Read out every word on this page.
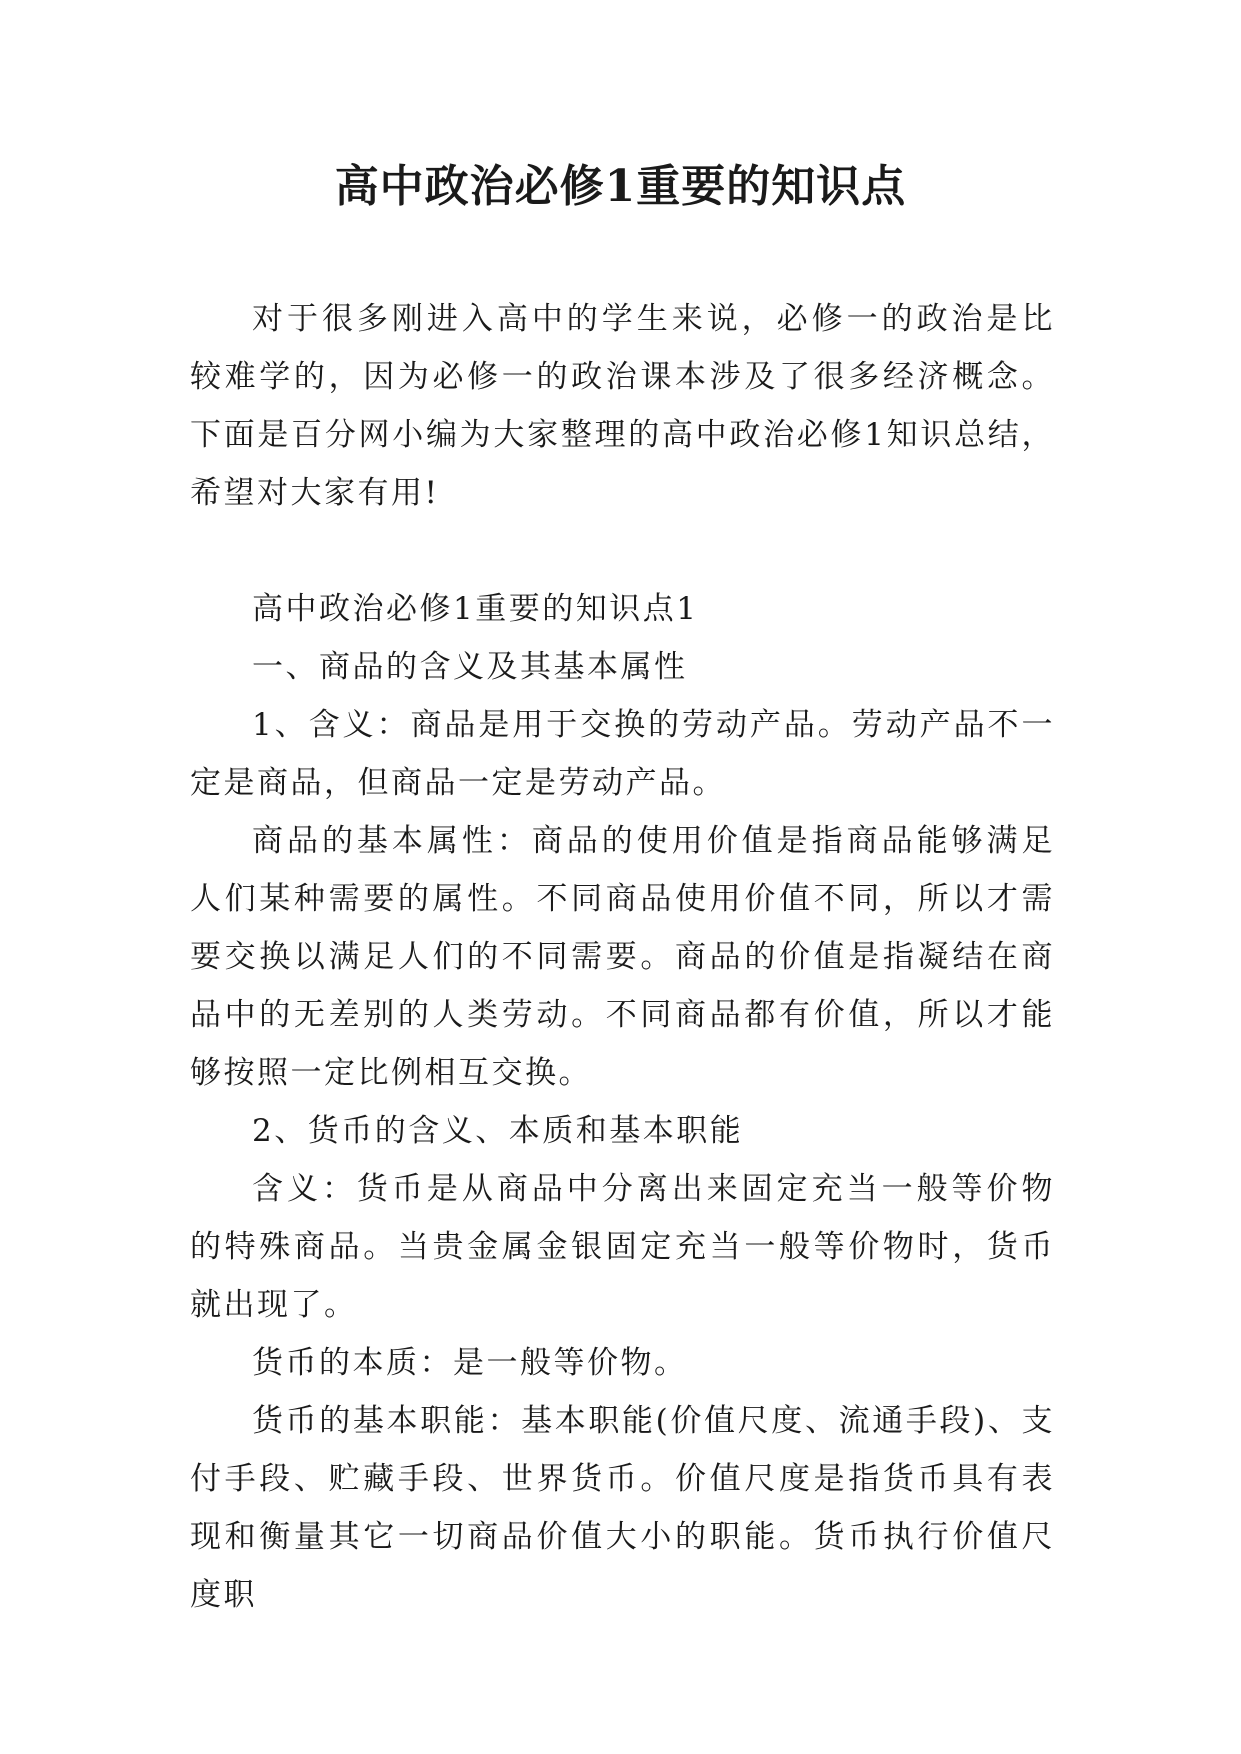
高中政治必修1重要的知识点

对于很多刚进入高中的学生来说，必修一的政治是比较难学的，因为必修一的政治课本涉及了很多经济概念。下面是百分网小编为大家整理的高中政治必修1知识总结，希望对大家有用!

高中政治必修1重要的知识点1

一、商品的含义及其基本属性

1、含义：商品是用于交换的劳动产品。劳动产品不一定是商品，但商品一定是劳动产品。

商品的基本属性：商品的使用价值是指商品能够满足人们某种需要的属性。不同商品使用价值不同，所以才需要交换以满足人们的不同需要。商品的价值是指凝结在商品中的无差别的人类劳动。不同商品都有价值，所以才能够按照一定比例相互交换。

2、货币的含义、本质和基本职能

含义：货币是从商品中分离出来固定充当一般等价物的特殊商品。当贵金属金银固定充当一般等价物时，货币就出现了。

货币的本质：是一般等价物。

货币的基本职能：基本职能(价值尺度、流通手段)、支付手段、贮藏手段、世界货币。价值尺度是指货币具有表现和衡量其它一切商品价值大小的职能。货币执行价值尺度职
